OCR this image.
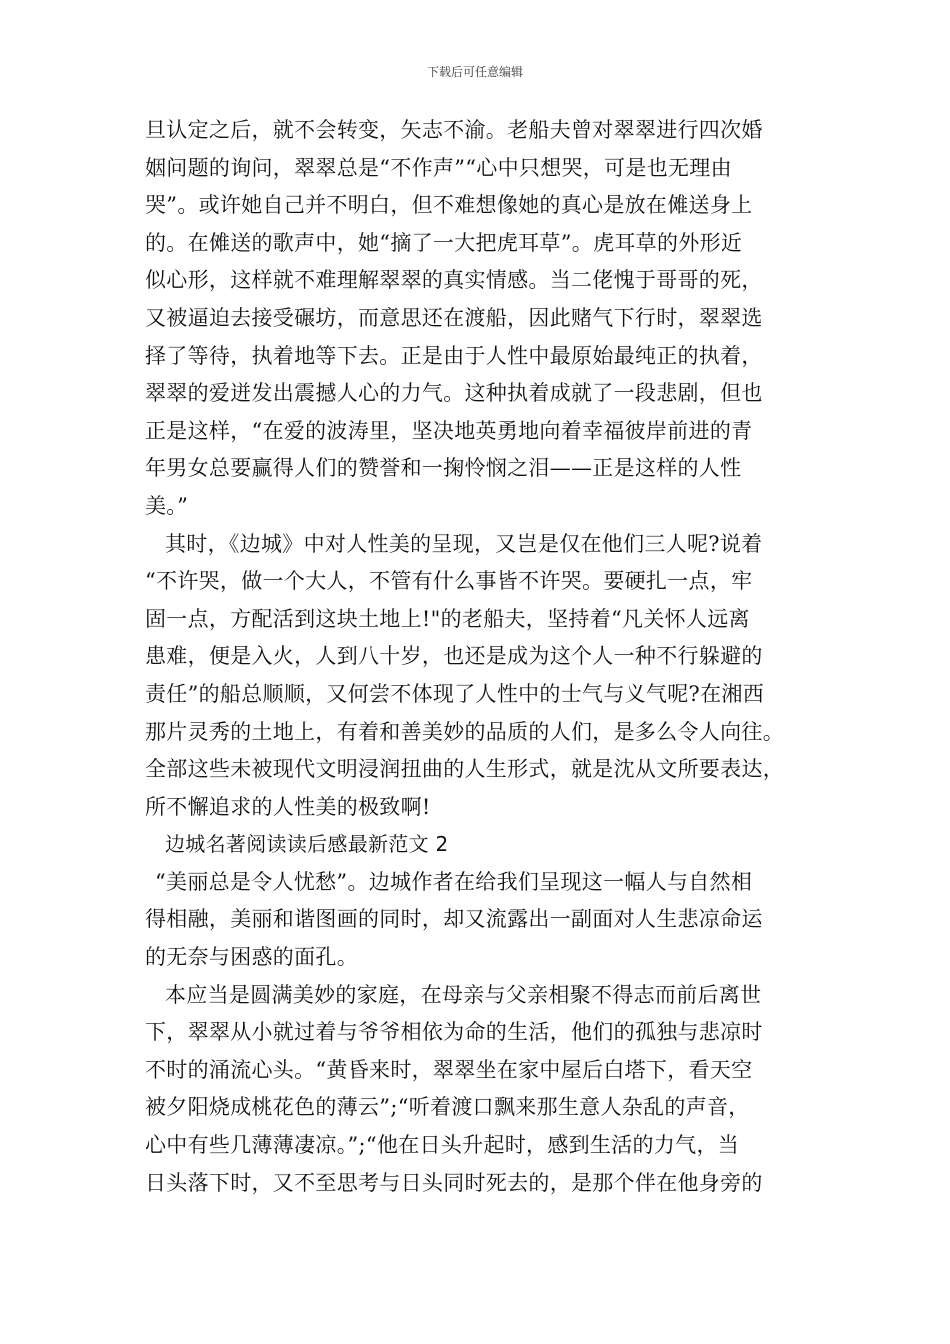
下载后可任意编辑
旦认定之后，就不会转变，矢志不渝。老船夫曾对翠翠进行四次婚
姻问题的询问，翠翠总是“不作声”“心中只想哭，可是也无理由
哭”。或许她自己并不明白，但不难想像她的真心是放在傩送身上
的。在傩送的歌声中，她“摘了一大把虎耳草”。虎耳草的外形近
似心形，这样就不难理解翠翠的真实情感。当二佬愧于哥哥的死，
又被逼迫去接受碾坊，而意思还在渡船，因此赌气下行时，翠翠选
择了等待，执着地等下去。正是由于人性中最原始最纯正的执着，
翠翠的爱迸发出震撼人心的力气。这种执着成就了一段悲剧，但也
正是这样，“在爱的波涛里，坚决地英勇地向着幸福彼岸前进的青
年男女总要赢得人们的赞誉和一掬怜悯之泪——正是这样的人性
美。”
其时，《边城》中对人性美的呈现，又岂是仅在他们三人呢?说着
“不许哭，做一个大人，不管有什么事皆不许哭。要硬扎一点，牢
固一点，方配活到这块土地上!"的老船夫，坚持着“凡关怀人远离
患难，便是入火，人到八十岁，也还是成为这个人一种不行躲避的
责任”的船总顺顺，又何尝不体现了人性中的士气与义气呢?在湘西
那片灵秀的土地上，有着和善美妙的品质的人们，是多么令人向往。
全部这些未被现代文明浸润扭曲的人生形式，就是沈从文所要表达，
所不懈追求的人性美的极致啊!
边城名著阅读读后感最新范文 2
“美丽总是令人忧愁”。边城作者在给我们呈现这一幅人与自然相
得相融，美丽和谐图画的同时，却又流露出一副面对人生悲凉命运
的无奈与困惑的面孔。
本应当是圆满美妙的家庭，在母亲与父亲相聚不得志而前后离世
下，翠翠从小就过着与爷爷相依为命的生活，他们的孤独与悲凉时
不时的涌流心头。“黄昏来时，翠翠坐在家中屋后白塔下，看天空
被夕阳烧成桃花色的薄云”;“听着渡口飘来那生意人杂乱的声音，
心中有些几薄薄凄凉。”;“他在日头升起时，感到生活的力气，当
日头落下时，又不至思考与日头同时死去的，是那个伴在他身旁的
